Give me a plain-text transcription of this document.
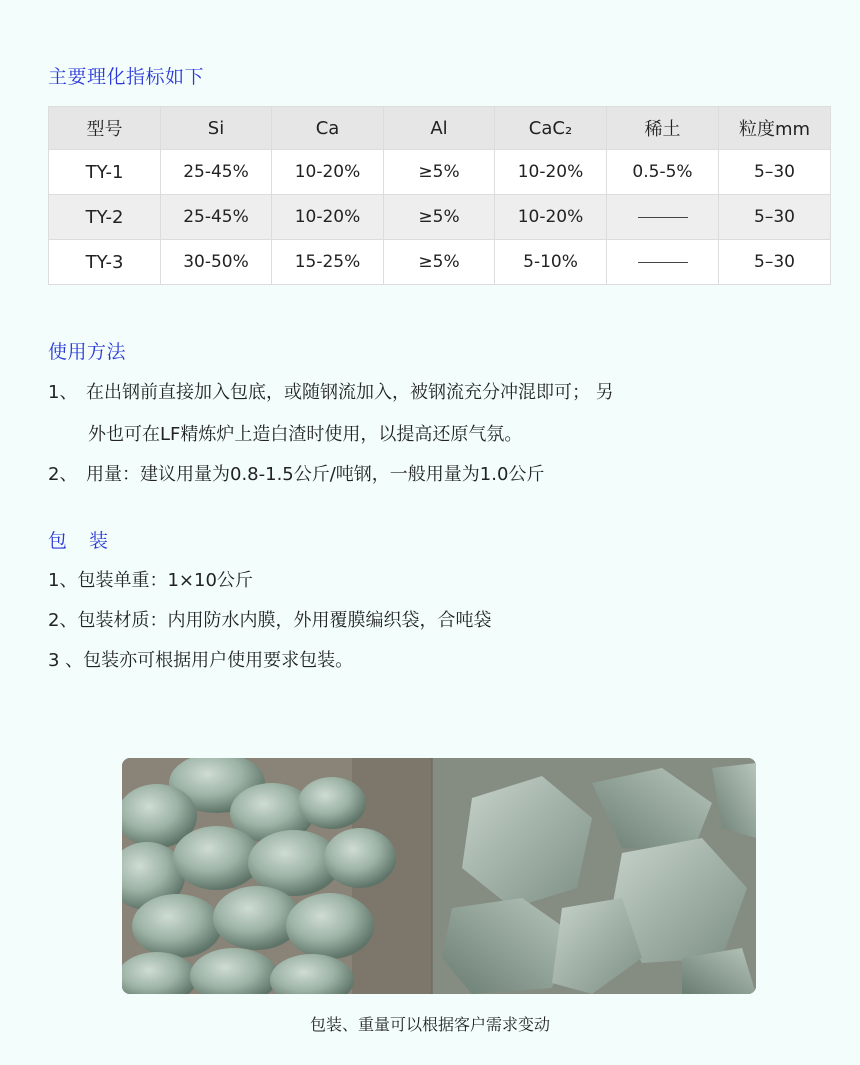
主要理化指标如下
型号	Si	Ca	Al	CaC₂	稀土	粒度mm
TY-1	25-45%	10-20%	≥5%	10-20%	0.5-5%	5–30
TY-2	25-45%	10-20%	≥5%	10-20%		5–30
TY-3	30-50%	15-25%	≥5%	5-10%		5–30
使用方法
1、 在出钢前直接加入包底，或随钢流加入，被钢流充分冲混即可； 另
外也可在LF精炼炉上造白渣时使用，以提高还原气氛。
2、 用量：建议用量为0.8-1.5公斤/吨钢，一般用量为1.0公斤
包 装
1、包装单重：1×10公斤
2、包装材质：内用防水内膜，外用覆膜编织袋，合吨袋
3 、包装亦可根据用户使用要求包装。
包装、重量可以根据客户需求变动
